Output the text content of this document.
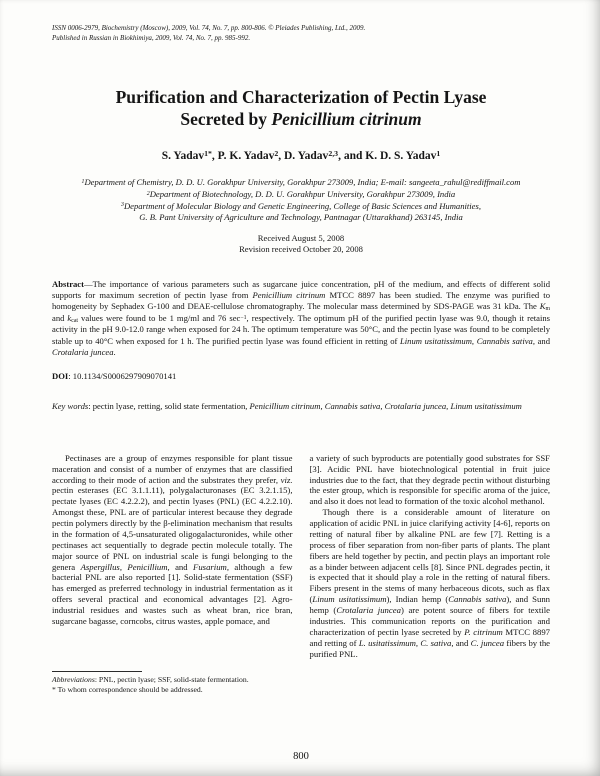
ISSN 0006-2979, Biochemistry (Moscow), 2009, Vol. 74, No. 7, pp. 800-806. © Pleiades Publishing, Ltd., 2009.
Published in Russian in Biokhimiya, 2009, Vol. 74, No. 7, pp. 985-992.
Purification and Characterization of Pectin Lyase
Secreted by Penicillium citrinum
S. Yadav$^{1*}$, P. K. Yadav$^2$, D. Yadav$^{2,3}$, and K. D. S. Yadav$^1$
$^1$Department of Chemistry, D. D. U. Gorakhpur University, Gorakhpur 273009, India; E-mail: sangeeta_rahul@rediffmail.com
$^2$Department of Biotechnology, D. D. U. Gorakhpur University, Gorakhpur 273009, India
$^3$Department of Molecular Biology and Genetic Engineering, College of Basic Sciences and Humanities,
G. B. Pant University of Agriculture and Technology, Pantnagar (Uttarakhand) 263145, India
Received August 5, 2008
Revision received October 20, 2008

Abstract—The importance of various parameters such as sugarcane juice concentration, pH of the medium, and effects of different solid supports for maximum secretion of pectin lyase from Penicillium citrinum MTCC 8897 has been studied. The enzyme was purified to homogeneity by Sephadex G-100 and DEAE-cellulose chromatography. The molecular mass determined by SDS-PAGE was 31 kDa. The Km and kcat values were found to be 1 mg/ml and 76 $\sec^{-1}$, respectively. The optimum pH of the purified pectin lyase was 9.0, though it retains activity in the pH 9.0-12.0 range when exposed for 24 h. The optimum temperature was 50°C, and the pectin lyase was found to be completely stable up to 40°C when exposed for 1 h. The purified pectin lyase was found efficient in retting of Linum usitatissimum, Cannabis sativa, and Crotalaria juncea.

DOI: 10.1134/S0006297909070141

Key words: pectin lyase, retting, solid state fermentation, Penicillium citrinum, Cannabis sativa, Crotalaria juncea, Linum usitatissimum

Pectinases are a group of enzymes responsible for plant tissue maceration and consist of a number of enzymes that are classified according to their mode of action and the substrates they prefer, viz. pectin esterases (EC 3.1.1.11), polygalacturonases (EC 3.2.1.15), pectate lyases (EC 4.2.2.2), and pectin lyases (PNL) (EC 4.2.2.10). Amongst these, PNL are of particular interest because they degrade pectin polymers directly by the β-elimination mechanism that results in the formation of 4,5-unsaturated oligogalacturonides, while other pectinases act sequentially to degrade pectin molecule totally. The major source of PNL on industrial scale is fungi belonging to the genera Aspergillus, Penicillium, and Fusarium, although a few bacterial PNL are also reported [1]. Solid-state fermentation (SSF) has emerged as preferred technology in industrial fermentation as it offers several practical and economical advantages [2]. Agro-industrial residues and wastes such as wheat bran, rice bran, sugarcane bagasse, corncobs, citrus wastes, apple pomace, and

Abbreviations: PNL, pectin lyase; SSF, solid-state fermentation.
* To whom correspondence should be addressed.

a variety of such byproducts are potentially good substrates for SSF [3]. Acidic PNL have biotechnological potential in fruit juice industries due to the fact, that they degrade pectin without disturbing the ester group, which is responsible for specific aroma of the juice, and also it does not lead to formation of the toxic alcohol methanol.

Though there is a considerable amount of literature on application of acidic PNL in juice clarifying activity [4-6], reports on retting of natural fiber by alkaline PNL are few [7]. Retting is a process of fiber separation from non-fiber parts of plants. The plant fibers are held together by pectin, and pectin plays an important role as a binder between adjacent cells [8]. Since PNL degrades pectin, it is expected that it should play a role in the retting of natural fibers. Fibers present in the stems of many herbaceous dicots, such as flax (Linum usitatissimum), Indian hemp (Cannabis sativa), and Sunn hemp (Crotalaria juncea) are potent source of fibers for textile industries. This communication reports on the purification and characterization of pectin lyase secreted by P. citrinum MTCC 8897 and retting of L. usitatissimum, C. sativa, and C. juncea fibers by the purified PNL.

800
